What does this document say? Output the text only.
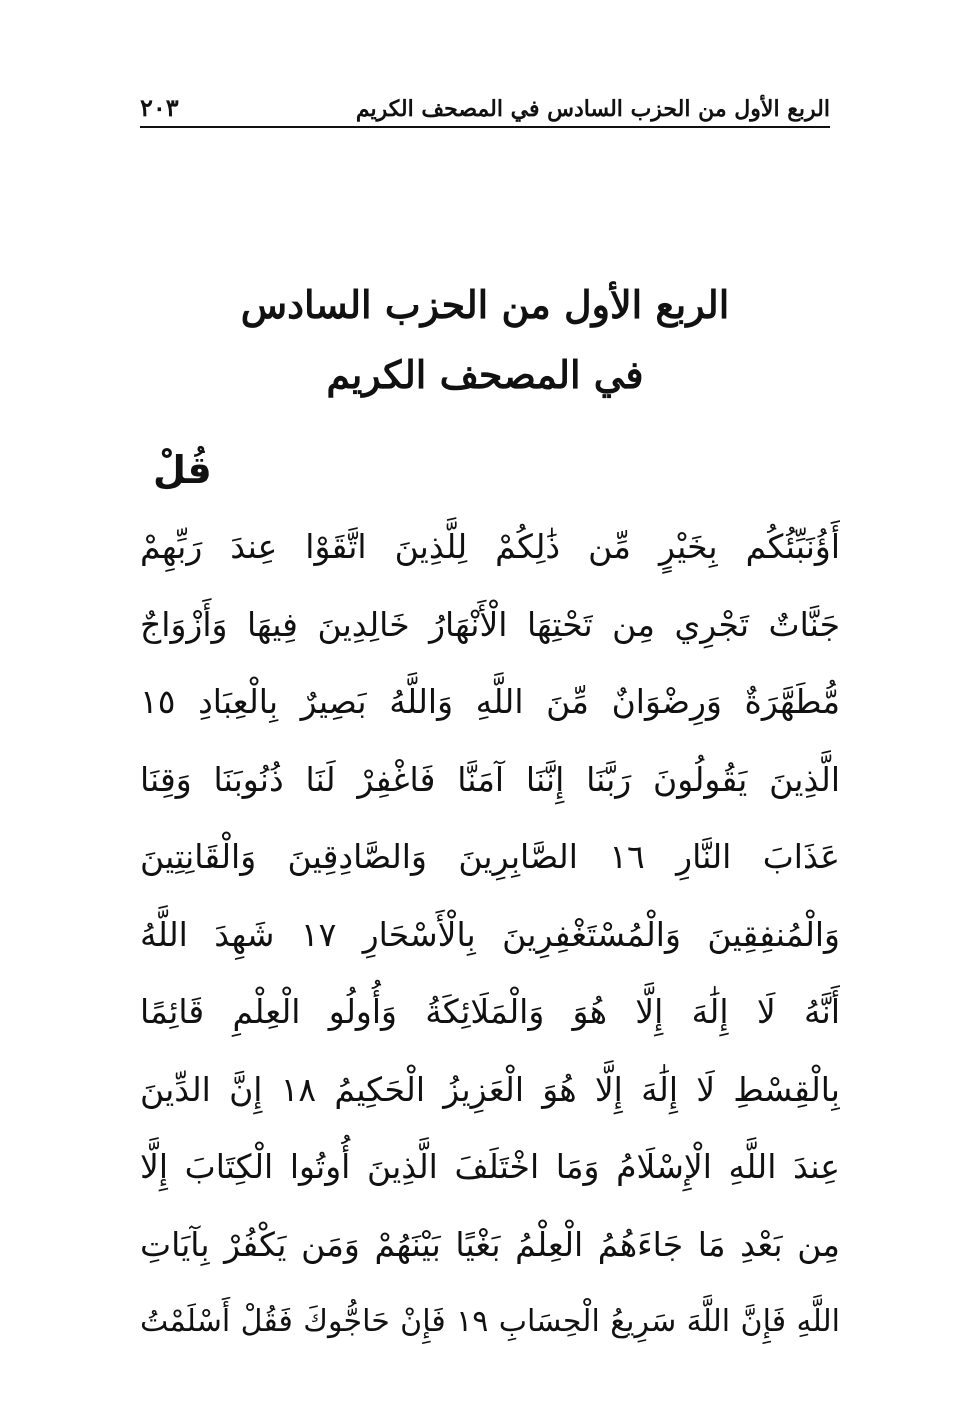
الربع الأول من الحزب السادس في المصحف الكريم
٢٠٣
الربع الأول من الحزب السادس
في المصحف الكريم
قُلْ
أَؤُنَبِّئُكُم بِخَيْرٍ مِّن ذَٰلِكُمْ لِلَّذِينَ اتَّقَوْا عِندَ رَبِّهِمْ
جَنَّاتٌ تَجْرِي مِن تَحْتِهَا الْأَنْهَارُ خَالِدِينَ فِيهَا وَأَزْوَاجٌ
مُّطَهَّرَةٌ وَرِضْوَانٌ مِّنَ اللَّهِ وَاللَّهُ بَصِيرٌ بِالْعِبَادِ ١٥
الَّذِينَ يَقُولُونَ رَبَّنَا إِنَّنَا آمَنَّا فَاغْفِرْ لَنَا ذُنُوبَنَا وَقِنَا
عَذَابَ النَّارِ ١٦ الصَّابِرِينَ وَالصَّادِقِينَ وَالْقَانِتِينَ
وَالْمُنفِقِينَ وَالْمُسْتَغْفِرِينَ بِالْأَسْحَارِ ١٧ شَهِدَ اللَّهُ
أَنَّهُ لَا إِلَٰهَ إِلَّا هُوَ وَالْمَلَائِكَةُ وَأُولُو الْعِلْمِ قَائِمًا
بِالْقِسْطِ لَا إِلَٰهَ إِلَّا هُوَ الْعَزِيزُ الْحَكِيمُ ١٨ إِنَّ الدِّينَ
عِندَ اللَّهِ الْإِسْلَامُ وَمَا اخْتَلَفَ الَّذِينَ أُوتُوا الْكِتَابَ إِلَّا
مِن بَعْدِ مَا جَاءَهُمُ الْعِلْمُ بَغْيًا بَيْنَهُمْ وَمَن يَكْفُرْ بِآيَاتِ
اللَّهِ فَإِنَّ اللَّهَ سَرِيعُ الْحِسَابِ ١٩ فَإِنْ حَاجُّوكَ فَقُلْ أَسْلَمْتُ
